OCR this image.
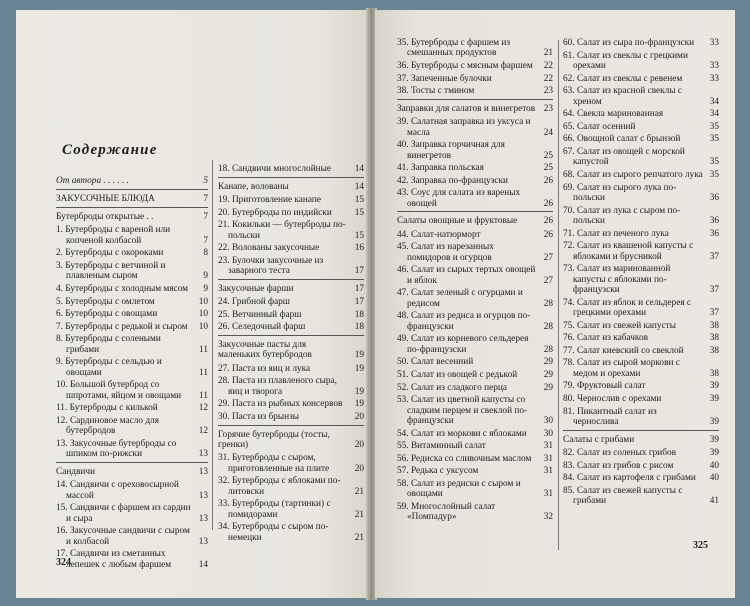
Содержание
От автора . . . . . .	5
ЗАКУСОЧНЫЕ БЛЮДА	7
Бутерброды открытые . .	7
1. Бутерброды с вареной или копченой колбасой	7
2. Бутерброды с окороками	8
3. Бутерброды с ветчиной и плавленым сыром	9
4. Бутерброды с холодным мясом	9
5. Бутерброды с омлетом	10
6. Бутерброды с овощами	10
7. Бутерброды с редькой и сыром	10
8. Бутерброды с солеными грибами	11
9. Бутерброды с сельдью и овощами	11
10. Большой бутерброд со шпротами, яйцом и овощами	11
11. Бутерброды с килькой	12
12. Сардиновое масло для бутербродов	12
13. Закусочные бутерброды со шпиком по-рижски	13
Сандвичи	13
14. Сандвичи с ореховосырной массой	13
15. Сандвичи с фаршем из сардин и сыра	13
16. Закусочные сандвичи с сыром и колбасой	13
17. Сандвичи из сметанных лепешек с любым фаршем	14
18. Сандвичи многослойные	14
Канапе, волованы	14
19. Приготовление канапе	15
20. Бутерброды по индийски	15
21. Кокильки — бутерброды по-польски	15
22. Волованы закусочные	16
23. Булочки закусочные из заварного теста	17
Закусочные фарши	17
24. Грибной фарш	17
25. Ветчинный фарш	18
26. Селедочный фарш	18
Закусочные пасты для маленьких бутербродов	19
27. Паста из яиц и лука	19
28. Паста из плавленого сыра, яиц и творога	19
29. Паста из рыбных консервов	19
30. Паста из брынзы	20
Горячие бутерброды (тосты, гренки)	20
31. Бутерброды с сыром, приготовленные на плите	20
32. Бутерброды с яблоками по-литовски	21
33. Бутерброды (тартинки) с помидорами	21
34. Бутерброды с сыром по-немецки	21
324
35. Бутерброды с фаршем из смешанных продуктов	21
36. Бутерброды с мясным фаршем	22
37. Запеченные булочки	22
38. Тосты с тмином	23
Заправки для салатов и винегретов 23
39. Салатная заправка из уксуса и масла	24
40. Заправка горчичная для винегретов	25
41. Заправка польская	25
42. Заправка по-французски	26
43. Соус для салата из вареных овощей	26
Салаты овощные и фруктовые	26
44. Салат-натюрморт	26
45. Салат из нарезанных помидоров и огурцов	27
46. Салат из сырых тертых овощей и яблок	27
47. Салат зеленый с огурцами и редисом	28
48. Салат из редиса и огурцов по-французски	28
49. Салат из корневого сельдерея по-французски	28
50. Салат весенний	29
51. Салат из овощей с редькой	29
52. Салат из сладкого перца	29
53. Салат из цветной капусты со сладким перцем и свеклой по-французски	30
54. Салат из моркови с яблоками	30
55. Витаминный салат	31
56. Редиска со сливочным маслом	31
57. Редька с уксусом	31
58. Салат из редиски с сыром и овощами	31
59. Многослойный салат «Помпадур»	32
60. Салат из сыра по-французски	33
61. Салат из свеклы с грецкими орехами	33
62. Салат из свеклы с ревенем	33
63. Салат из красной свеклы с хреном	34
64. Свекла маринованная	34
65. Салат осенний	35
66. Овощной салат с брынзой	35
67. Салат из овощей с морской капустой	35
68. Салат из сырого репчатого лука 35
69. Салат из сырого лука по-польски	36
70. Салат из лука с сыром по-польски	36
71. Салат из печеного лука	36
72. Салат из квашеной капусты с яблоками и брусникой	37
73. Салат из маринованной капусты с яблоками по-французски	37
74. Салат из яблок и сельдерея с грецкими орехами	37
75. Салат из свежей капусты	38
76. Салат из кабачков	38
77. Салат киевский со свеклой	38
78. Салат из сырой моркови с медом и орехами	38
79. Фруктовый салат	39
80. Чернослив с орехами	39
81. Пикантный салат из чернослива	39
Салаты с грибами	39
82. Салат из соленых грибов	39
83. Салат из грибов с рисом	40
84. Салат из картофеля с грибами	40
85. Салат из свежей капусты с грибами	41
325
